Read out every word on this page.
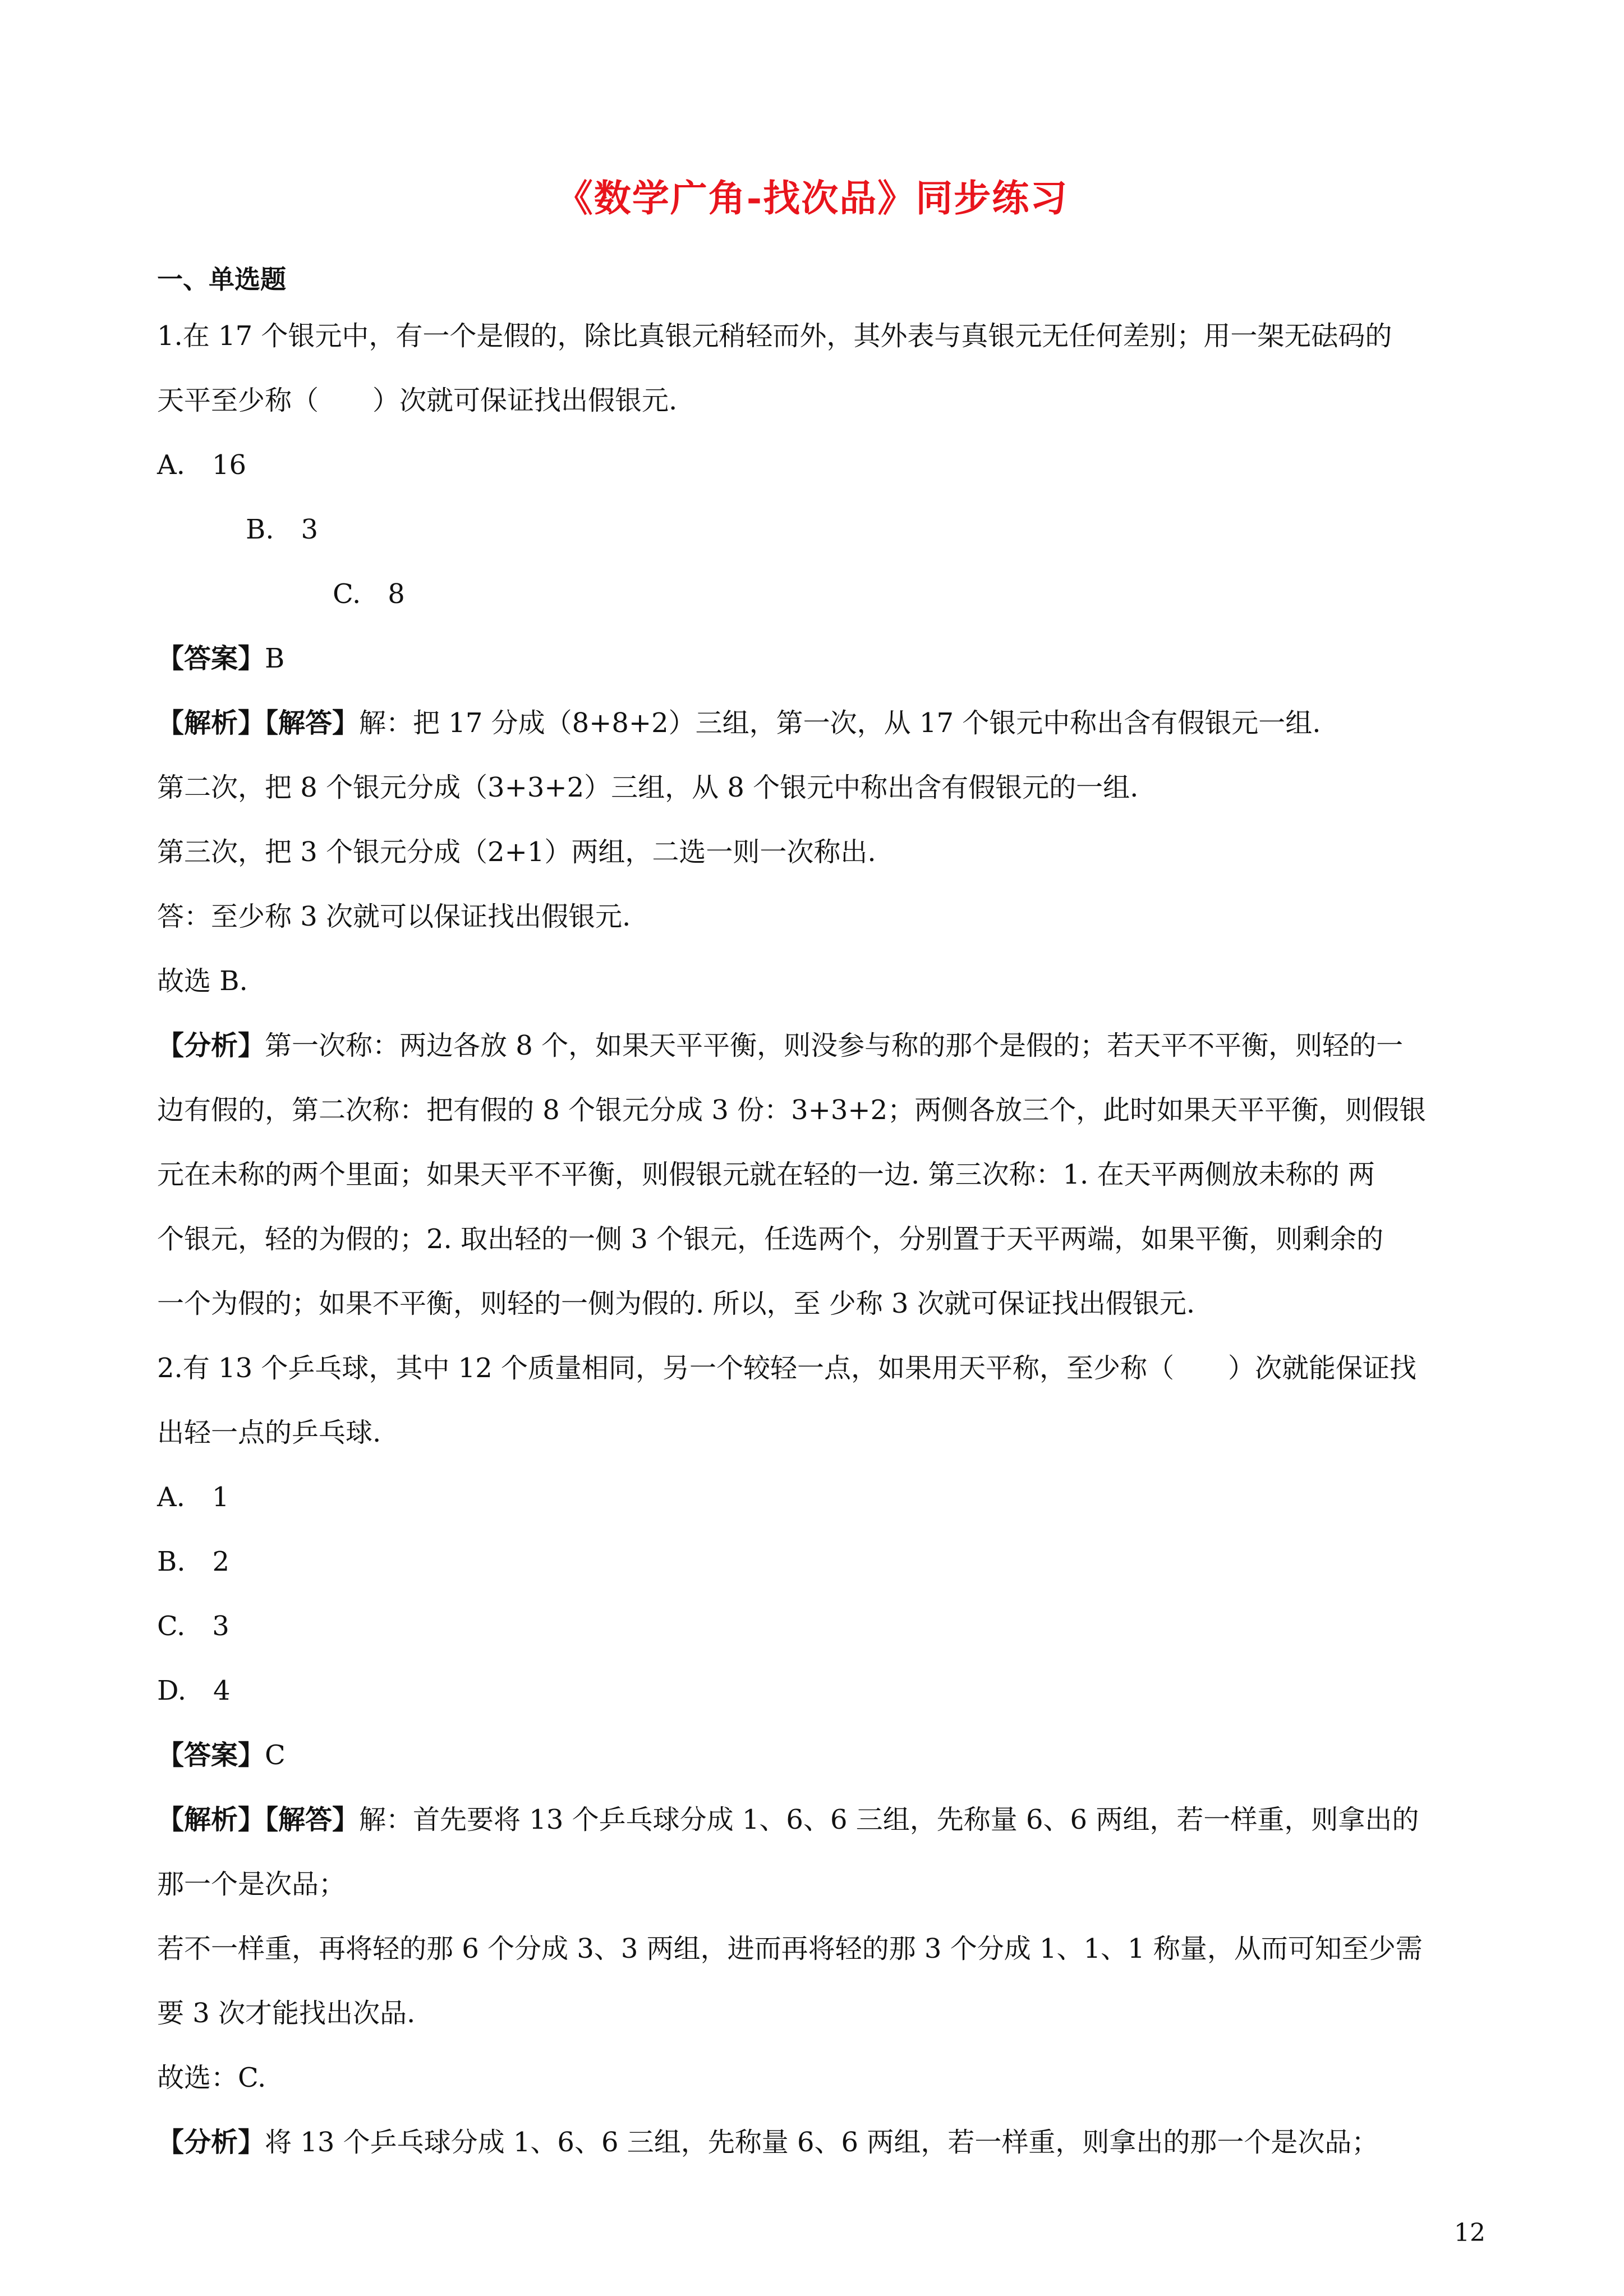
《数学广角-找次品》同步练习
一、单选题
1.在 17 个银元中，有一个是假的，除比真银元稍轻而外，其外表与真银元无任何差别；用一架无砝码的
天平至少称（　　）次就可保证找出假银元.
A.　16
B.　3
C.　8
【答案】B
【解析】【解答】解：把 17 分成（8+8+2）三组，第一次，从 17 个银元中称出含有假银元一组.
第二次，把 8 个银元分成（3+3+2）三组，从 8 个银元中称出含有假银元的一组.
第三次，把 3 个银元分成（2+1）两组，二选一则一次称出.
答：至少称 3 次就可以保证找出假银元.
故选 B.
【分析】第一次称：两边各放 8 个，如果天平平衡，则没参与称的那个是假的；若天平不平衡，则轻的一
边有假的，第二次称：把有假的 8 个银元分成 3 份：3+3+2；两侧各放三个，此时如果天平平衡，则假银
元在未称的两个里面；如果天平不平衡，则假银元就在轻的一边. 第三次称：1. 在天平两侧放未称的 两
个银元，轻的为假的；2. 取出轻的一侧 3 个银元，任选两个，分别置于天平两端，如果平衡，则剩余的
一个为假的；如果不平衡，则轻的一侧为假的. 所以，至 少称 3 次就可保证找出假银元.
2.有 13 个乒乓球，其中 12 个质量相同，另一个较轻一点，如果用天平称，至少称（　　）次就能保证找
出轻一点的乒乓球.
A.　1
B.　2
C.　3
D.　4
【答案】C
【解析】【解答】解：首先要将 13 个乒乓球分成 1、6、6 三组，先称量 6、6 两组，若一样重，则拿出的
那一个是次品；
若不一样重，再将轻的那 6 个分成 3、3 两组，进而再将轻的那 3 个分成 1、1、1 称量，从而可知至少需
要 3 次才能找出次品.
故选：C.
【分析】将 13 个乒乓球分成 1、6、6 三组，先称量 6、6 两组，若一样重，则拿出的那一个是次品；
12
